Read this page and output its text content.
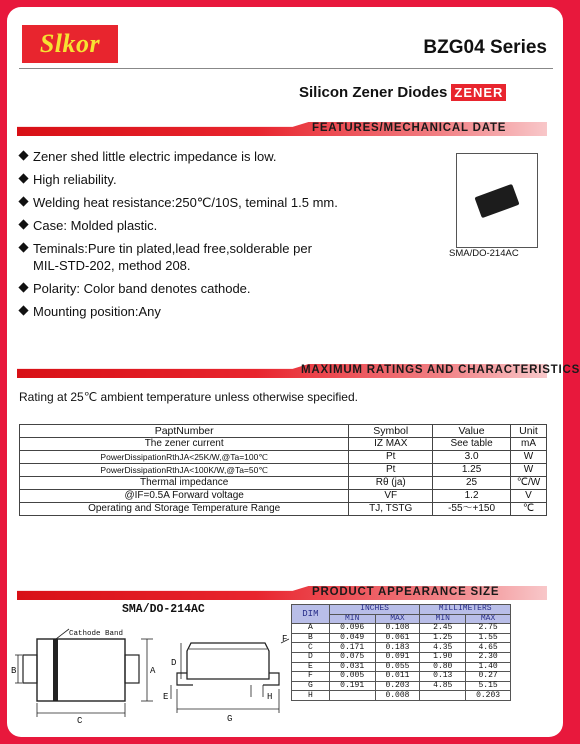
Slkor	BZG04 Series
Silicon Zener Diodes ZENER
FEATURES/MECHANICAL DATE
Zener shed little electric impedance is low.
High reliability.
Welding heat resistance:250℃/10S, teminal 1.5 mm.
Case: Molded plastic.
Teminals:Pure tin plated,lead free,solderable per
MIL-STD-202, method 208.
Polarity: Color band denotes cathode.
Mounting position:Any
SMA/DO-214AC
MAXIMUM RATINGS AND CHARACTERISTICS
Rating at 25℃ ambient temperature unless otherwise specified.
PaptNumber	Symbol	Value	Unit
The zener current	IZ MAX	See table	mA
PowerDissipationRthJA<25K/W,@Ta=100℃	Pt	3.0	W
PowerDissipationRthJA<100K/W,@Ta=50℃	Pt	1.25	W
Thermal impedance	Rθ (ja)	25	℃/W
@IF=0.5A Forward voltage	VF	1.2	V
Operating and Storage Temperature Range	TJ, TSTG	-55～+150	℃
PRODUCT APPEARANCE SIZE
SMA/DO-214AC
Cathode Band
B	A
C
D
E
F
G
H
DIM	INCHES		MILLIMETERS	
	MIN	MAX	MIN	MAX
A	0.096	0.108	2.45	2.75
B	0.049	0.061	1.25	1.55
C	0.171	0.183	4.35	4.65
D	0.075	0.091	1.90	2.30
E	0.031	0.055	0.80	1.40
F	0.005	0.011	0.13	0.27
G	0.191	0.203	4.85	5.15
H		0.008		0.203
